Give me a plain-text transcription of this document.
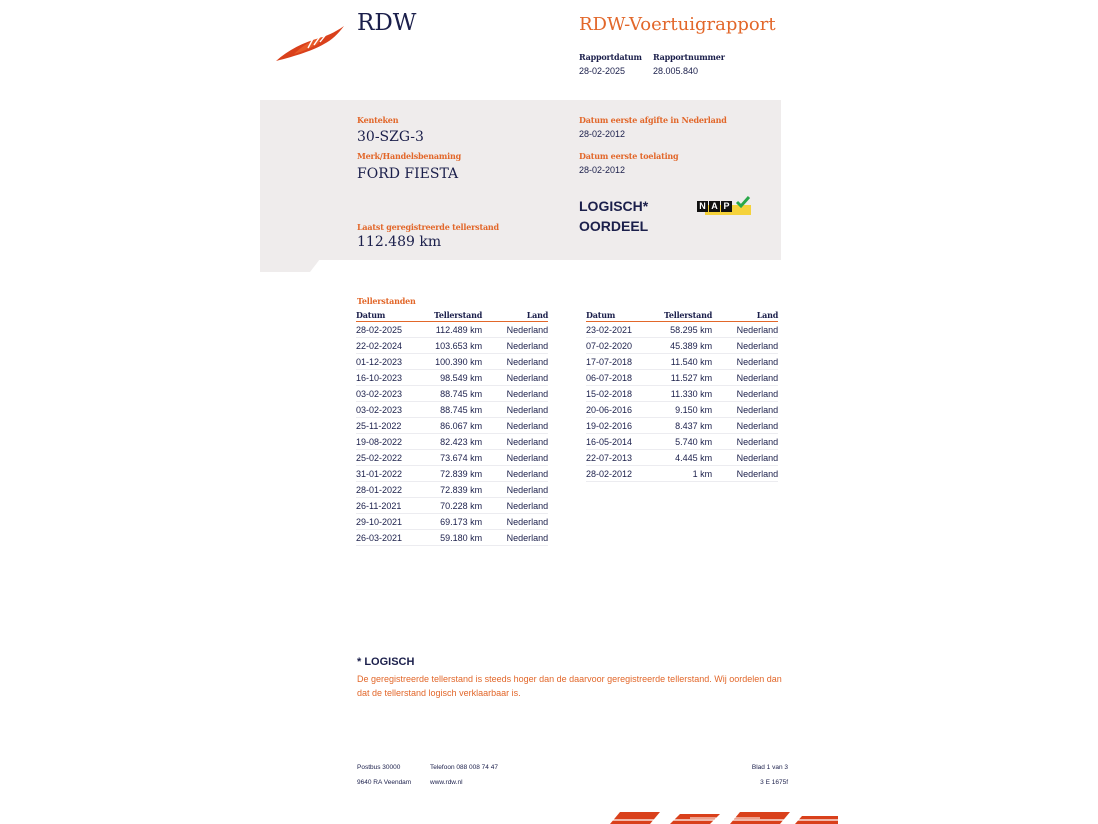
RDW	RDW-Voertuigrapport
Rapportdatum
28-02-2025
Rapportnummer
28.005.840
Kenteken
30-SZG-3
Merk/Handelsbenaming
FORD FIESTA
Datum eerste afgifte in Nederland
28-02-2012
Datum eerste toelating
28-02-2012
LOGISCH*
OORDEEL
N A P
Laatst geregistreerde tellerstand
112.489 km
Tellerstanden
Datum	Tellerstand	Land
28-02-2025	112.489 km	Nederland
22-02-2024	103.653 km	Nederland
01-12-2023	100.390 km	Nederland
16-10-2023	98.549 km	Nederland
03-02-2023	88.745 km	Nederland
03-02-2023	88.745 km	Nederland
25-11-2022	86.067 km	Nederland
19-08-2022	82.423 km	Nederland
25-02-2022	73.674 km	Nederland
31-01-2022	72.839 km	Nederland
28-01-2022	72.839 km	Nederland
26-11-2021	70.228 km	Nederland
29-10-2021	69.173 km	Nederland
26-03-2021	59.180 km	Nederland
Datum	Tellerstand	Land
23-02-2021	58.295 km	Nederland
07-02-2020	45.389 km	Nederland
17-07-2018	11.540 km	Nederland
06-07-2018	11.527 km	Nederland
15-02-2018	11.330 km	Nederland
20-06-2016	9.150 km	Nederland
19-02-2016	8.437 km	Nederland
16-05-2014	5.740 km	Nederland
22-07-2013	4.445 km	Nederland
28-02-2012	1 km	Nederland
* LOGISCH
De geregistreerde tellerstand is steeds hoger dan de daarvoor geregistreerde tellerstand. Wij oordelen dan
dat de tellerstand logisch verklaarbaar is.
Postbus 30000
9640 RA Veendam
Telefoon 088 008 74 47
www.rdw.nl
Blad 1 van 3
3 E 1675f
